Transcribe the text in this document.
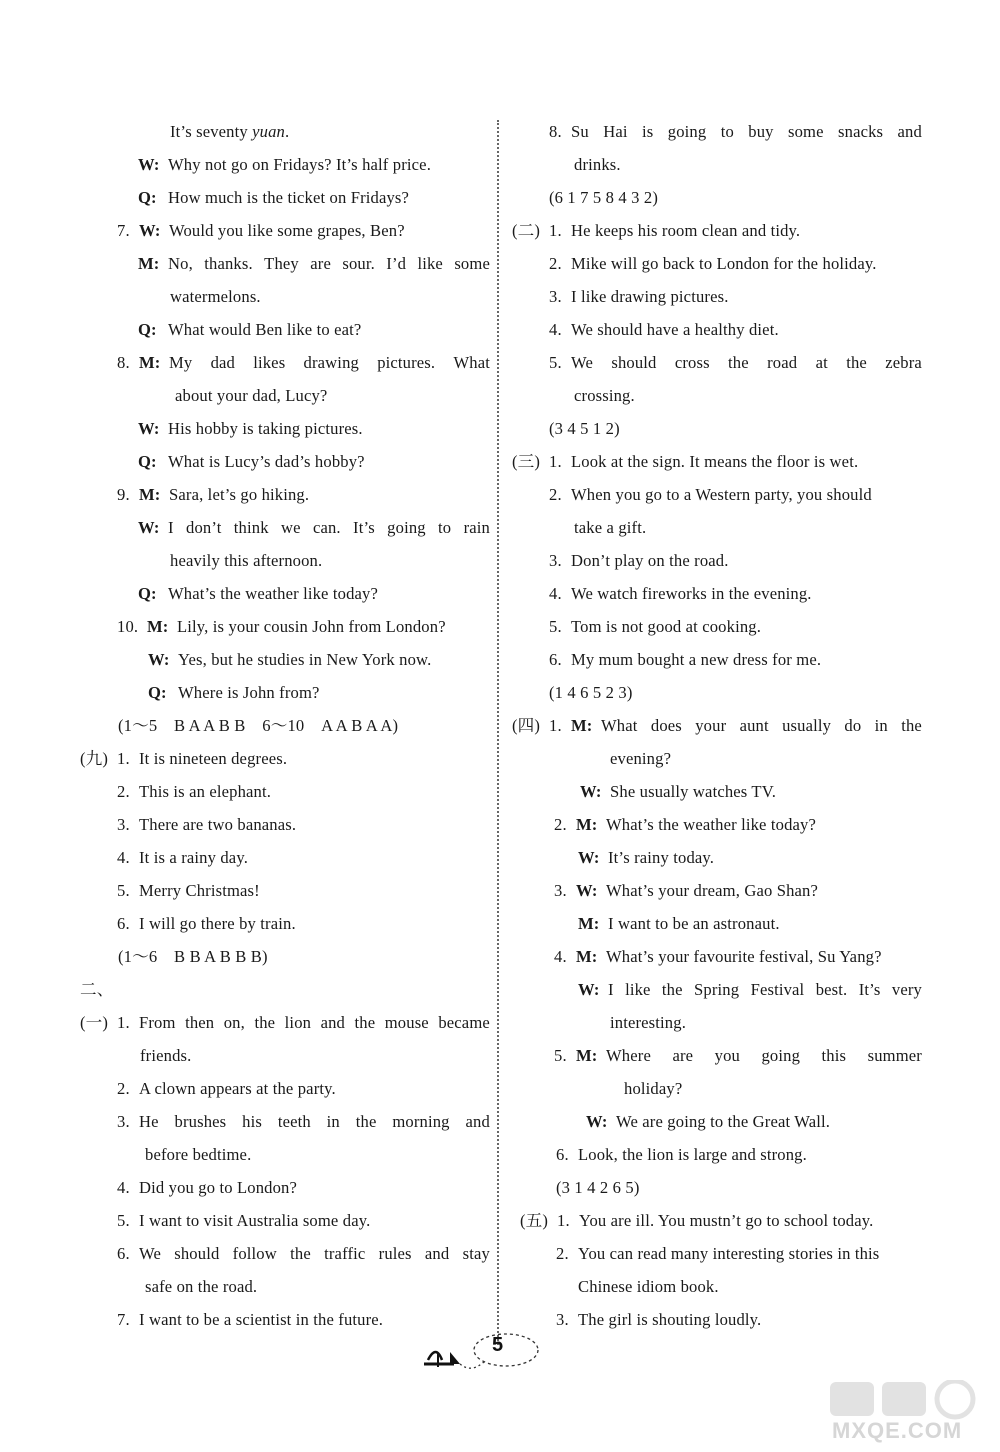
It’s seventy yuan.
W: Why not go on Fridays? It’s half price.
Q: How much is the ticket on Fridays?
7. W: Would you like some grapes, Ben?
M: No, thanks. They are sour. I’d like some
watermelons.
Q: What would Ben like to eat?
8. M: My dad likes drawing pictures. What
about your dad, Lucy?
W: His hobby is taking pictures.
Q: What is Lucy’s dad’s hobby?
9. M: Sara, let’s go hiking.
W: I don’t think we can. It’s going to rain
heavily this afternoon.
Q: What’s the weather like today?
10. M: Lily, is your cousin John from London?
W: Yes, but he studies in New York now.
Q: Where is John from?
(1～5　B A A B B　6～10　A A B A A)
(九) 1. It is nineteen degrees.
2. This is an elephant.
3. There are two bananas.
4. It is a rainy day.
5. Merry Christmas!
6. I will go there by train.
(1～6　B B A B B B)
二、
(一) 1. From then on, the lion and the mouse became
friends.
2. A clown appears at the party.
3. He brushes his teeth in the morning and
before bedtime.
4. Did you go to London?
5. I want to visit Australia some day.
6. We should follow the traffic rules and stay
safe on the road.
7. I want to be a scientist in the future.
8. Su Hai is going to buy some snacks and
drinks.
(6 1 7 5 8 4 3 2)
(二) 1. He keeps his room clean and tidy.
2. Mike will go back to London for the holiday.
3. I like drawing pictures.
4. We should have a healthy diet.
5. We should cross the road at the zebra
crossing.
(3 4 5 1 2)
(三) 1. Look at the sign. It means the floor is wet.
2. When you go to a Western party, you should
take a gift.
3. Don’t play on the road.
4. We watch fireworks in the evening.
5. Tom is not good at cooking.
6. My mum bought a new dress for me.
(1 4 6 5 2 3)
(四) 1. M: What does your aunt usually do in the
evening?
W: She usually watches TV.
2. M: What’s the weather like today?
W: It’s rainy today.
3. W: What’s your dream, Gao Shan?
M: I want to be an astronaut.
4. M: What’s your favourite festival, Su Yang?
W: I like the Spring Festival best. It’s very
interesting.
5. M: Where are you going this summer
holiday?
W: We are going to the Great Wall.
6. Look, the lion is large and strong.
(3 1 4 2 6 5)
(五) 1. You are ill. You mustn’t go to school today.
2. You can read many interesting stories in this
Chinese idiom book.
3. The girl is shouting loudly.
5
MXQE.COM
